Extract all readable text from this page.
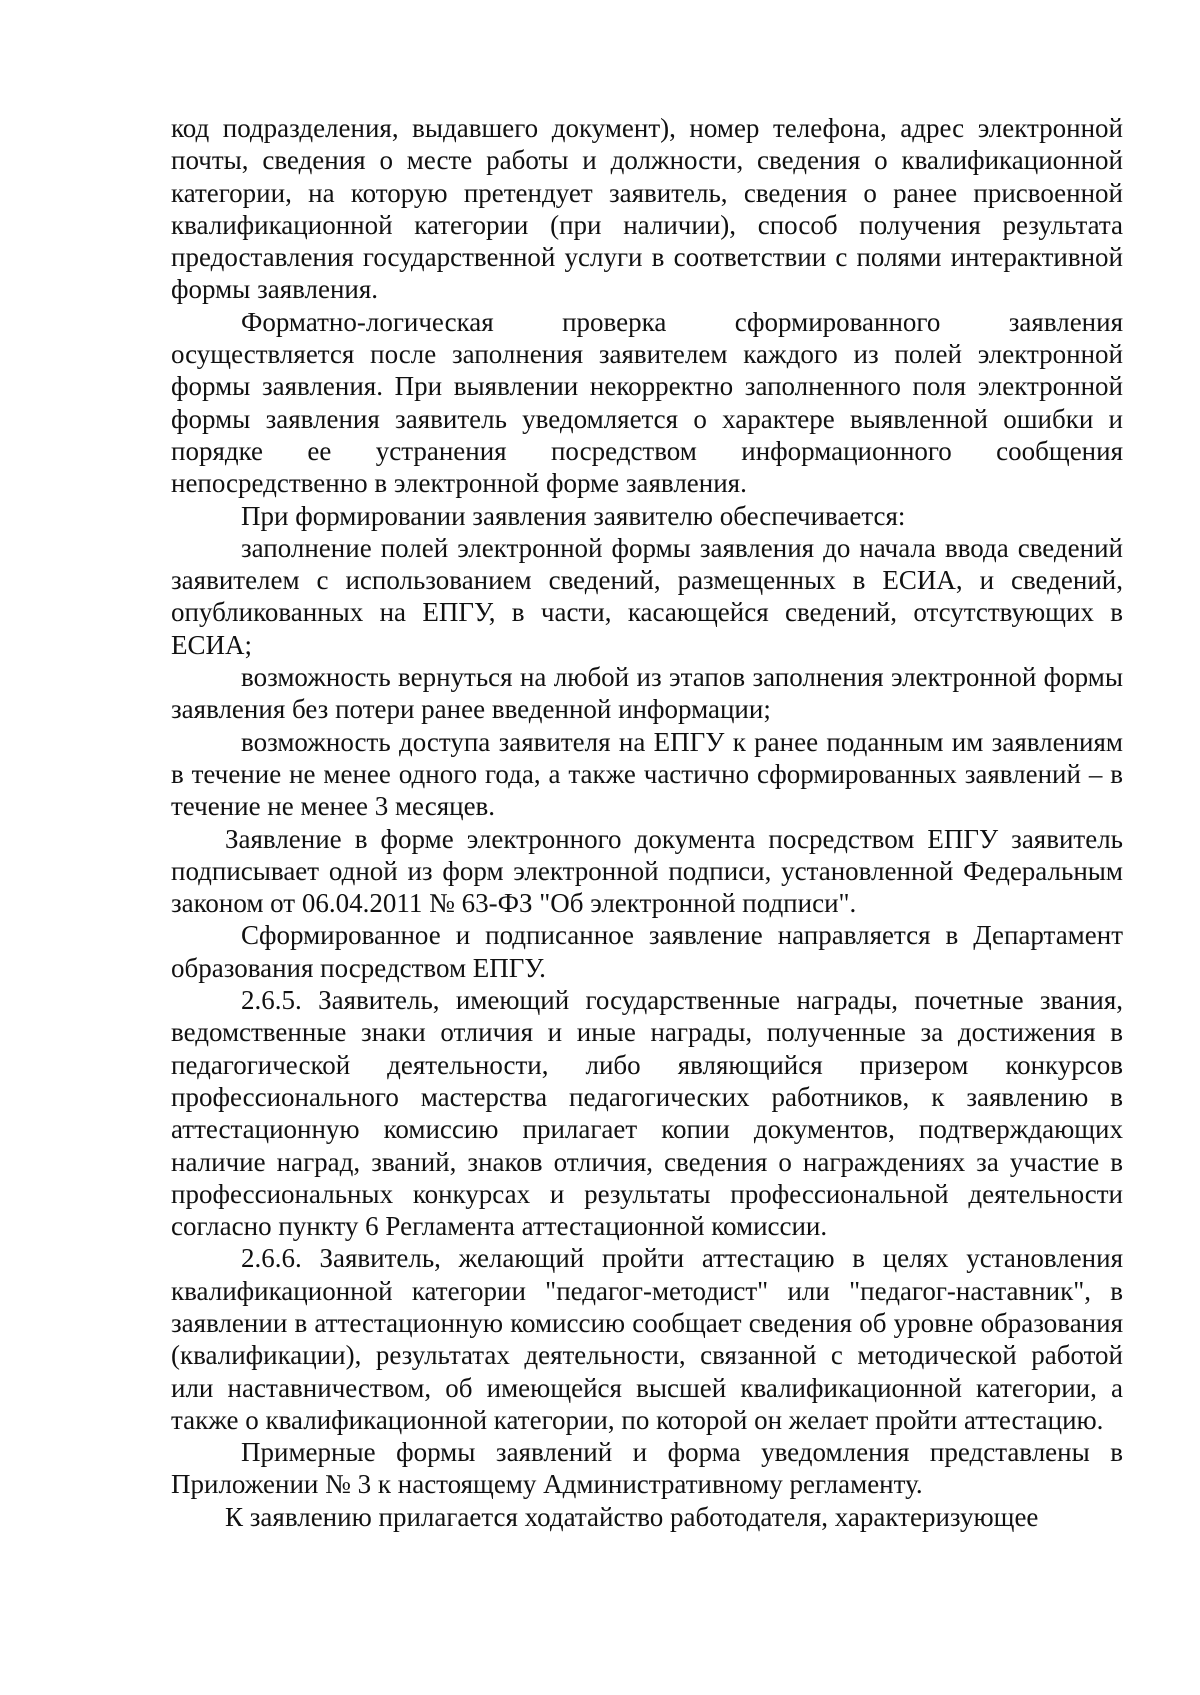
код подразделения, выдавшего документ), номер телефона, адрес электронной почты, сведения о месте работы и должности, сведения о квалификационной категории, на которую претендует заявитель, сведения о ранее присвоенной квалификационной категории (при наличии), способ получения результата предоставления государственной услуги в соответствии с полями интерактивной формы заявления.

Форматно-логическая проверка сформированного заявления осуществляется после заполнения заявителем каждого из полей электронной формы заявления. При выявлении некорректно заполненного поля электронной формы заявления заявитель уведомляется о характере выявленной ошибки и порядке ее устранения посредством информационного сообщения непосредственно в электронной форме заявления.

При формировании заявления заявителю обеспечивается:

заполнение полей электронной формы заявления до начала ввода сведений заявителем с использованием сведений, размещенных в ЕСИА, и сведений, опубликованных на ЕПГУ, в части, касающейся сведений, отсутствующих в ЕСИА;

возможность вернуться на любой из этапов заполнения электронной формы заявления без потери ранее введенной информации;

возможность доступа заявителя на ЕПГУ к ранее поданным им заявлениям в течение не менее одного года, а также частично сформированных заявлений – в течение не менее 3 месяцев.

Заявление в форме электронного документа посредством ЕПГУ заявитель подписывает одной из форм электронной подписи, установленной Федеральным законом от 06.04.2011 № 63-ФЗ "Об электронной подписи".

Сформированное и подписанное заявление направляется в Департамент образования посредством ЕПГУ.

2.6.5. Заявитель, имеющий государственные награды, почетные звания, ведомственные знаки отличия и иные награды, полученные за достижения в педагогической деятельности, либо являющийся призером конкурсов профессионального мастерства педагогических работников, к заявлению в аттестационную комиссию прилагает копии документов, подтверждающих наличие наград, званий, знаков отличия, сведения о награждениях за участие в профессиональных конкурсах и результаты профессиональной деятельности согласно пункту 6 Регламента аттестационной комиссии.

2.6.6. Заявитель, желающий пройти аттестацию в целях установления квалификационной категории "педагог-методист" или "педагог-наставник", в заявлении в аттестационную комиссию сообщает сведения об уровне образования (квалификации), результатах деятельности, связанной с методической работой или наставничеством, об имеющейся высшей квалификационной категории, а также о квалификационной категории, по которой он желает пройти аттестацию.

Примерные формы заявлений и форма уведомления представлены в Приложении № 3 к настоящему Административному регламенту.

К заявлению прилагается ходатайство работодателя, характеризующее
